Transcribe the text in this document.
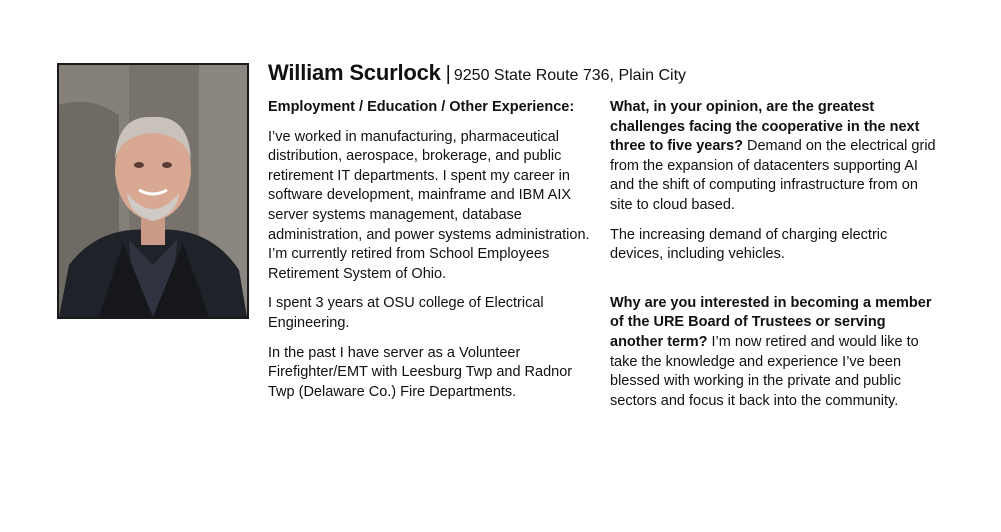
William Scurlock | 9250 State Route 736, Plain City
Employment / Education / Other Experience:

I’ve worked in manufacturing, pharmaceutical distribution, aerospace, brokerage, and public retirement IT departments. I spent my career in software development, mainframe and IBM AIX server systems management, database administration, and power systems administration. I’m currently retired from School Employees Retirement System of Ohio.

I spent 3 years at OSU college of Electrical Engineering.

In the past I have server as a Volunteer Firefighter/EMT with Leesburg Twp and Radnor Twp (Delaware Co.) Fire Departments.

What, in your opinion, are the greatest challenges facing the cooperative in the next three to five years? Demand on the electrical grid from the expansion of datacenters supporting AI and the shift of computing infrastructure from on site to cloud based.

The increasing demand of charging electric devices, including vehicles.

Why are you interested in becoming a member of the URE Board of Trustees or serving another term? I’m now retired and would like to take the knowledge and experience I’ve been blessed with working in the private and public sectors and focus it back into the community.
